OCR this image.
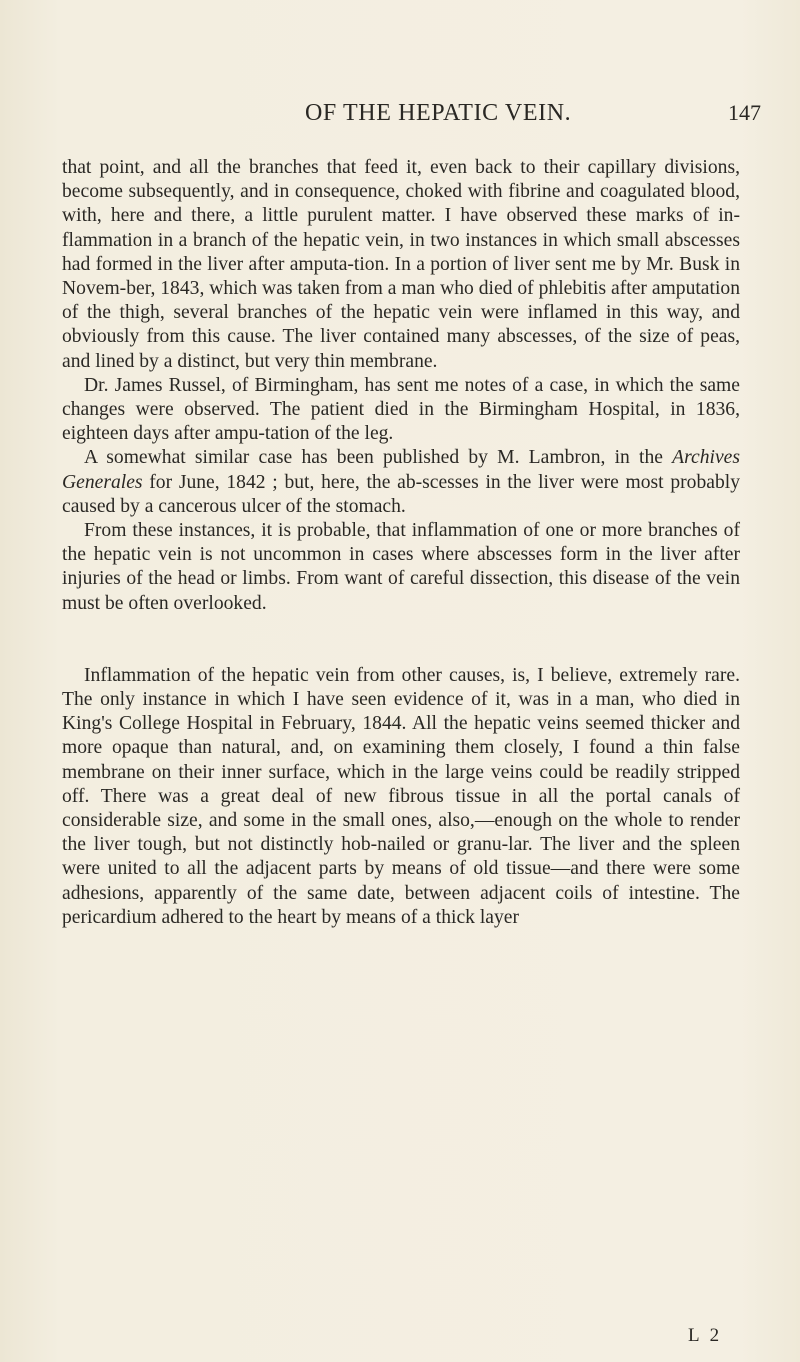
OF THE HEPATIC VEIN.	147

that point, and all the branches that feed it, even back to their capillary divisions, become subsequently, and in consequence, choked with fibrine and coagulated blood, with, here and there, a little purulent matter. I have observed these marks of in-flammation in a branch of the hepatic vein, in two instances in which small abscesses had formed in the liver after amputa-tion. In a portion of liver sent me by Mr. Busk in Novem-ber, 1843, which was taken from a man who died of phlebitis after amputation of the thigh, several branches of the hepatic vein were inflamed in this way, and obviously from this cause. The liver contained many abscesses, of the size of peas, and lined by a distinct, but very thin membrane.

Dr. James Russel, of Birmingham, has sent me notes of a case, in which the same changes were observed. The patient died in the Birmingham Hospital, in 1836, eighteen days after ampu-tation of the leg.

A somewhat similar case has been published by M. Lambron, in the Archives Generales for June, 1842 ; but, here, the ab-scesses in the liver were most probably caused by a cancerous ulcer of the stomach.

From these instances, it is probable, that inflammation of one or more branches of the hepatic vein is not uncommon in cases where abscesses form in the liver after injuries of the head or limbs. From want of careful dissection, this disease of the vein must be often overlooked.

Inflammation of the hepatic vein from other causes, is, I believe, extremely rare. The only instance in which I have seen evidence of it, was in a man, who died in King's College Hospital in February, 1844. All the hepatic veins seemed thicker and more opaque than natural, and, on examining them closely, I found a thin false membrane on their inner surface, which in the large veins could be readily stripped off. There was a great deal of new fibrous tissue in all the portal canals of considerable size, and some in the small ones, also,—enough on the whole to render the liver tough, but not distinctly hob-nailed or granu-lar. The liver and the spleen were united to all the adjacent parts by means of old tissue—and there were some adhesions, apparently of the same date, between adjacent coils of intestine. The pericardium adhered to the heart by means of a thick layer

L 2
